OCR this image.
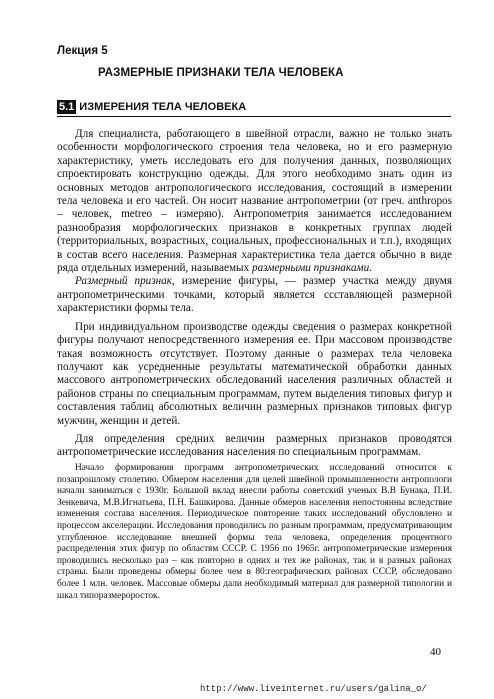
Лекция 5
РАЗМЕРНЫЕ ПРИЗНАКИ ТЕЛА ЧЕЛОВЕКА
5.1 ИЗМЕРЕНИЯ ТЕЛА ЧЕЛОВЕКА

Для специалиста, работающего в швейной отрасли, важно не только знать особенности морфологического строения тела человека, но и его размерную характеристику, уметь исследовать его для получения данных, позволяющих спроектировать конструкцию одежды. Для этого необходимо знать один из основных методов антропологического исследования, состоящий в измерении тела человека и его частей. Он носит название антропометрии (от греч. anthropos – человек, metreo – измеряю). Антропометрия занимается исследованием разнообразия морфологических признаков в конкретных группах людей (территориальных, возрастных, социальных, профессиональных и т.п.), входящих в состав всего населения. Размерная характеристика тела дается обычно в виде ряда отдельных измерений, называемых размерными признаками.

Размерный признак, измерение фигуры, — размер участка между двумя антропометрическими точками, который является ссставляющей размерной характеристики формы тела.

При индивидуальном производстве одежды сведения о размерах конкретной фигуры получают непосредственного измерения ее. При массовом производстве такая возможность отсутствует. Поэтому данные о размерах тела человека получают как усредненные результаты математической обработки данных массового антропометрических обследований населения различных областей и районов страны по специальным программам, путем выделения типовых фигур и составления таблиц абсолютных величин размерных признаков типовых фигур мужчин, женщин и детей.

Для определения средних величин размерных признаков проводятся антропометрические исследования населения по специальным программам.

Начало формирования программ антропометрических исследований относится к позапрошлому столетию. Обмером населения для целей швейной промышленности антропологи начали заниматься с 1930г. Большой вклад внесли работы советский ученых В.В Бунака, П.И. Зенкевича, М.В.Игнатьева, П.Н. Башкирова. Данные обмеров населения непостоянны вследствие изменения состава населения. Периодическое повторение таких исследований обусловлено и процессом акселерации. Исследования проводились по разным программам, предусматривающим углубленное исследование внешней формы тела человека, определения процентного распределения этих фигур по областям СССР. С 1956 по 1965г. антропометрические измерения проводились несколько раз – как повторно в одних и тех же районах, так и в разных районах страны. Были проведены обмеры более чем в 80:географических районах СССР, обследовано более 1 млн. человек. Массовые обмеры дали необходимый материал для размерной типологии и шкал типоразмероросток.

40
http://www.liveinternet.ru/users/galina_o/
